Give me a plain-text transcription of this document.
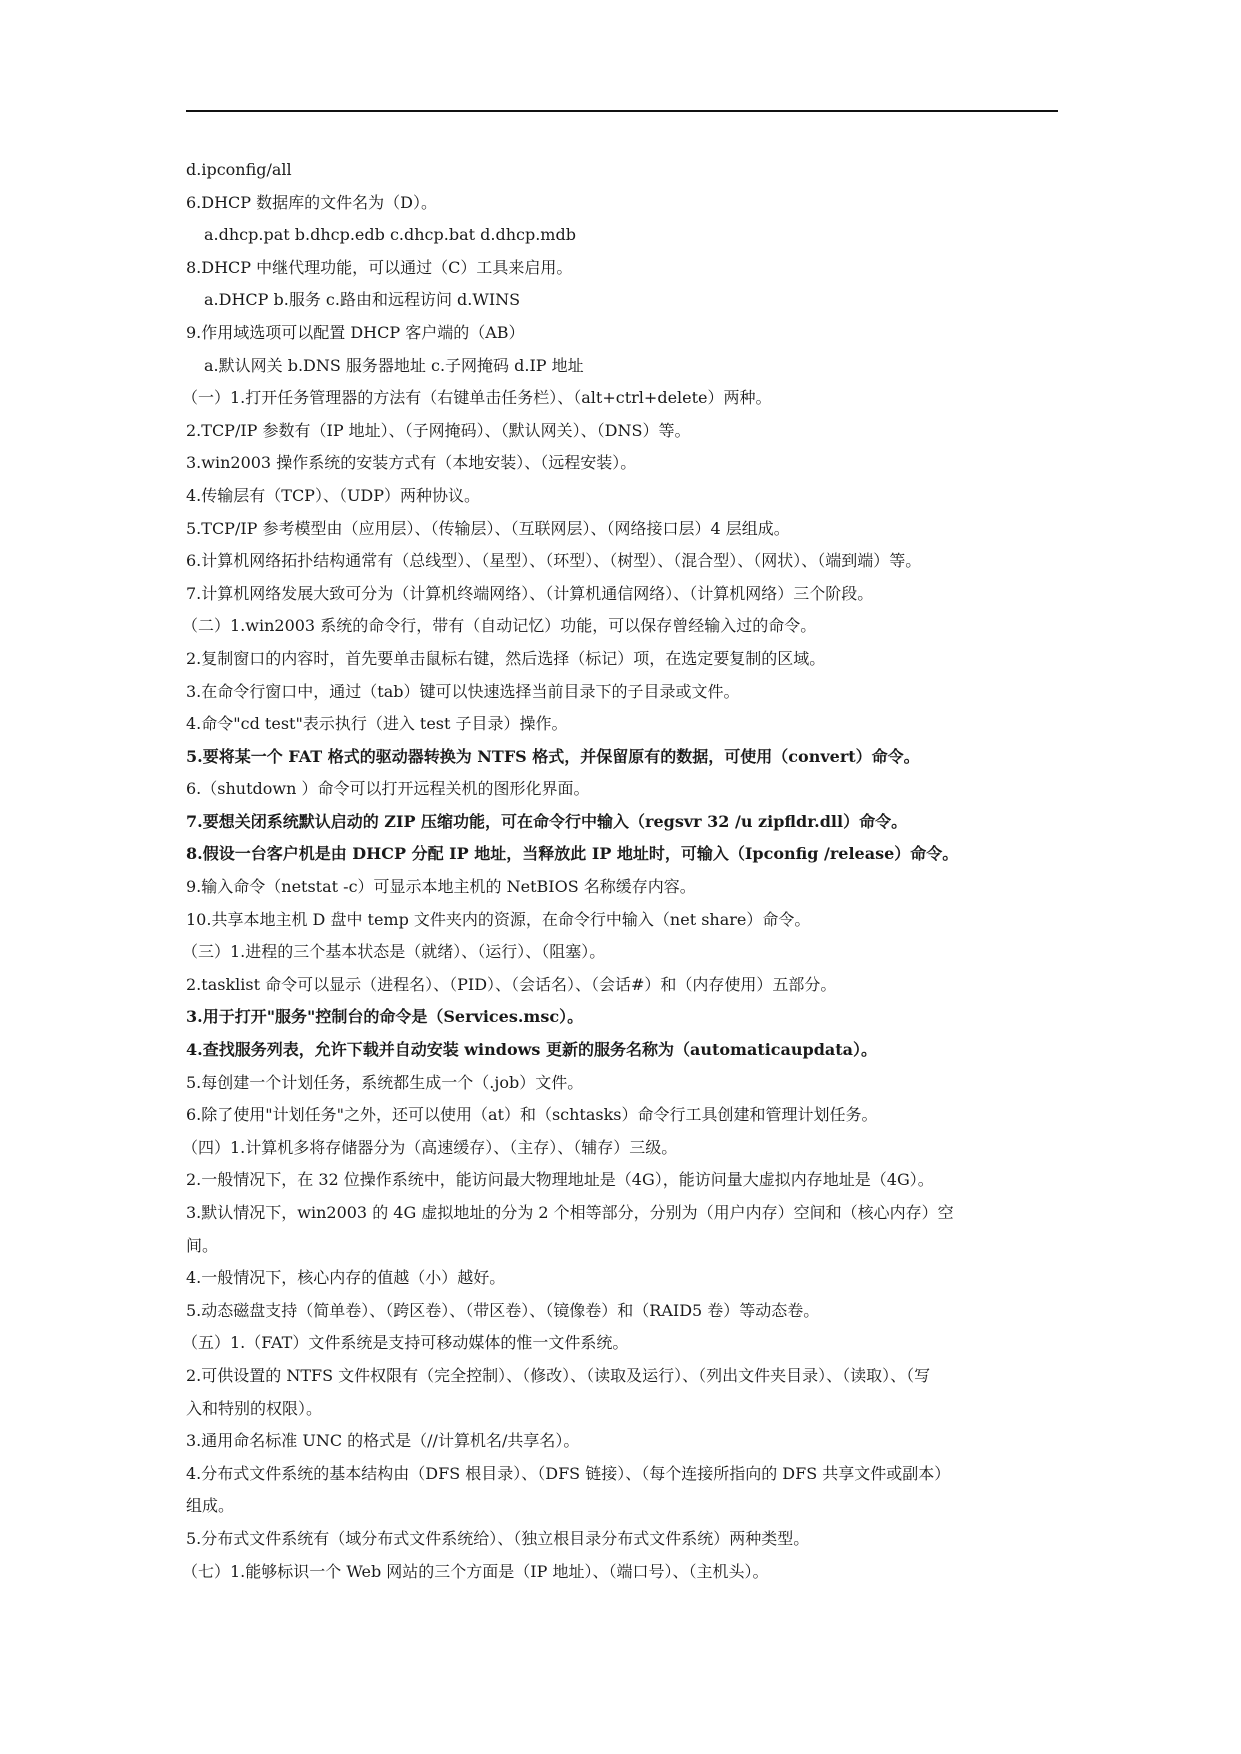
d.ipconfig/all
6.DHCP 数据库的文件名为（D）。
a.dhcp.pat b.dhcp.edb c.dhcp.bat d.dhcp.mdb
8.DHCP 中继代理功能，可以通过（C）工具来启用。
a.DHCP b.服务 c.路由和远程访问 d.WINS
9.作用域选项可以配置 DHCP 客户端的（AB）
a.默认网关 b.DNS 服务器地址 c.子网掩码 d.IP 地址
（一）1.打开任务管理器的方法有（右键单击任务栏）、（alt+ctrl+delete）两种。
2.TCP/IP 参数有（IP 地址）、（子网掩码）、（默认网关）、（DNS）等。
3.win2003 操作系统的安装方式有（本地安装）、（远程安装）。
4.传输层有（TCP）、（UDP）两种协议。
5.TCP/IP 参考模型由（应用层）、（传输层）、（互联网层）、（网络接口层）4 层组成。
6.计算机网络拓扑结构通常有（总线型）、（星型）、（环型）、（树型）、（混合型）、（网状）、（端到端）等。
7.计算机网络发展大致可分为（计算机终端网络）、（计算机通信网络）、（计算机网络）三个阶段。
（二）1.win2003 系统的命令行，带有（自动记忆）功能，可以保存曾经输入过的命令。
2.复制窗口的内容时，首先要单击鼠标右键，然后选择（标记）项，在选定要复制的区域。
3.在命令行窗口中，通过（tab）键可以快速选择当前目录下的子目录或文件。
4.命令"cd test"表示执行（进入 test 子目录）操作。
5.要将某一个 FAT 格式的驱动器转换为 NTFS 格式，并保留原有的数据，可使用（convert）命令。
6.（shutdown ）命令可以打开远程关机的图形化界面。
7.要想关闭系统默认启动的 ZIP 压缩功能，可在命令行中输入（regsvr 32 /u zipfldr.dll）命令。
8.假设一台客户机是由 DHCP 分配 IP 地址，当释放此 IP 地址时，可输入（Ipconfig /release）命令。
9.输入命令（netstat -c）可显示本地主机的 NetBIOS 名称缓存内容。
10.共享本地主机 D 盘中 temp 文件夹内的资源，在命令行中输入（net share）命令。
（三）1.进程的三个基本状态是（就绪）、（运行）、（阻塞）。
2.tasklist 命令可以显示（进程名）、（PID）、（会话名）、（会话#）和（内存使用）五部分。
3.用于打开"服务"控制台的命令是（Services.msc）。
4.查找服务列表，允许下载并自动安装 windows 更新的服务名称为（automaticaupdata）。
5.每创建一个计划任务，系统都生成一个（.job）文件。
6.除了使用"计划任务"之外，还可以使用（at）和（schtasks）命令行工具创建和管理计划任务。
（四）1.计算机多将存储器分为（高速缓存）、（主存）、（辅存）三级。
2.一般情况下，在 32 位操作系统中，能访问最大物理地址是（4G），能访问量大虚拟内存地址是（4G）。
3.默认情况下，win2003 的 4G 虚拟地址的分为 2 个相等部分，分别为（用户内存）空间和（核心内存）空
间。
4.一般情况下，核心内存的值越（小）越好。
5.动态磁盘支持（简单卷）、（跨区卷）、（带区卷）、（镜像卷）和（RAID5 卷）等动态卷。
（五）1.（FAT）文件系统是支持可移动媒体的惟一文件系统。
2.可供设置的 NTFS 文件权限有（完全控制）、（修改）、（读取及运行）、（列出文件夹目录）、（读取）、（写
入和特别的权限）。
3.通用命名标准 UNC 的格式是（//计算机名/共享名）。
4.分布式文件系统的基本结构由（DFS 根目录）、（DFS 链接）、（每个连接所指向的 DFS 共享文件或副本）
组成。
5.分布式文件系统有（域分布式文件系统给）、（独立根目录分布式文件系统）两种类型。
（七）1.能够标识一个 Web 网站的三个方面是（IP 地址）、（端口号）、（主机头）。
